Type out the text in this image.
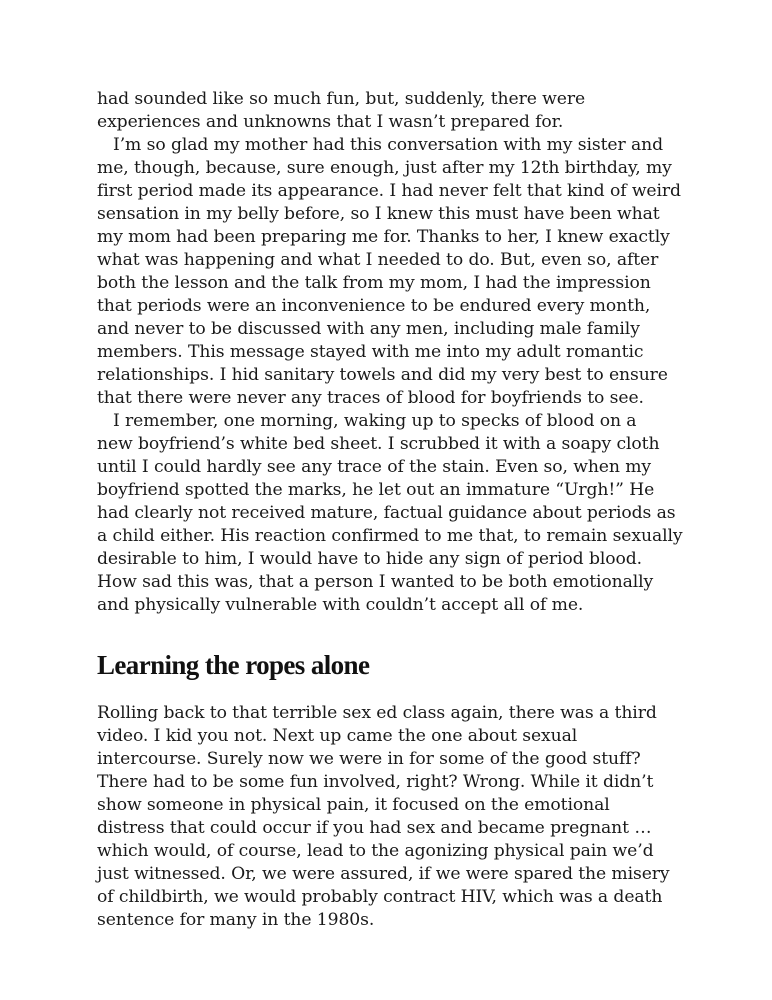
had sounded like so much fun, but, suddenly, there were
experiences and unknowns that I wasn’t prepared for.
I’m so glad my mother had this conversation with my sister and
me, though, because, sure enough, just after my 12th birthday, my
first period made its appearance. I had never felt that kind of weird
sensation in my belly before, so I knew this must have been what
my mom had been preparing me for. Thanks to her, I knew exactly
what was happening and what I needed to do. But, even so, after
both the lesson and the talk from my mom, I had the impression
that periods were an inconvenience to be endured every month,
and never to be discussed with any men, including male family
members. This message stayed with me into my adult romantic
relationships. I hid sanitary towels and did my very best to ensure
that there were never any traces of blood for boyfriends to see.
I remember, one morning, waking up to specks of blood on a
new boyfriend’s white bed sheet. I scrubbed it with a soapy cloth
until I could hardly see any trace of the stain. Even so, when my
boyfriend spotted the marks, he let out an immature “Urgh!” He
had clearly not received mature, factual guidance about periods as
a child either. His reaction confirmed to me that, to remain sexually
desirable to him, I would have to hide any sign of period blood.
How sad this was, that a person I wanted to be both emotionally
and physically vulnerable with couldn’t accept all of me.
Learning the ropes alone
Rolling back to that terrible sex ed class again, there was a third
video. I kid you not. Next up came the one about sexual
intercourse. Surely now we were in for some of the good stuff?
There had to be some fun involved, right? Wrong. While it didn’t
show someone in physical pain, it focused on the emotional
distress that could occur if you had sex and became pregnant …
which would, of course, lead to the agonizing physical pain we’d
just witnessed. Or, we were assured, if we were spared the misery
of childbirth, we would probably contract HIV, which was a death
sentence for many in the 1980s.
